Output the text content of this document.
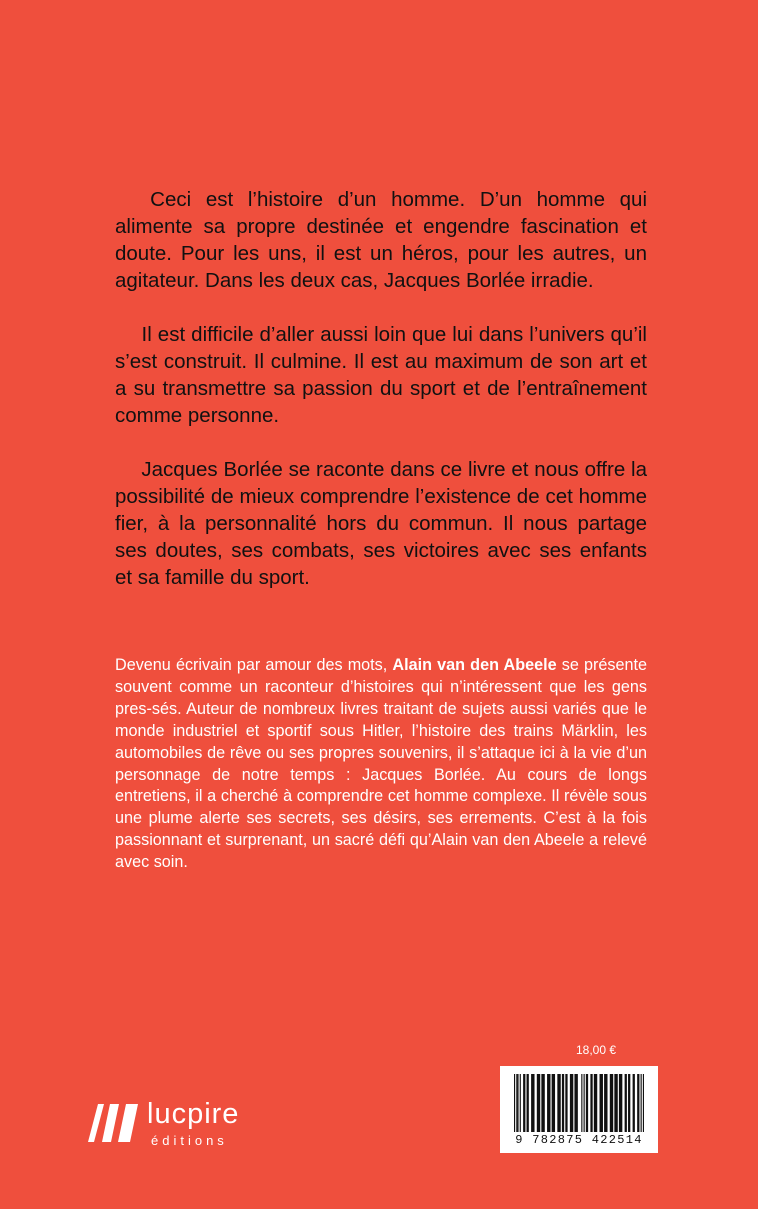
  Ceci est l’histoire d’un homme. D’un homme qui alimente sa propre destinée et engendre fascination et doute. Pour les uns, il est un héros, pour les autres, un agitateur. Dans les deux cas, Jacques Borlée irradie.

  Il est difficile d’aller aussi loin que lui dans l’univers qu’il s’est construit. Il culmine. Il est au maximum de son art et a su transmettre sa passion du sport et de l’entraînement comme personne.

  Jacques Borlée se raconte dans ce livre et nous offre la possibilité de mieux comprendre l’existence de cet homme fier, à la personnalité hors du commun. Il nous partage ses doutes, ses combats, ses victoires avec ses enfants et sa famille du sport.

Devenu écrivain par amour des mots, Alain van den Abeele se présente souvent comme un raconteur d’histoires qui n’intéressent que les gens pres-sés. Auteur de nombreux livres traitant de sujets aussi variés que le monde industriel et sportif sous Hitler, l’histoire des trains Märklin, les automobiles de rêve ou ses propres souvenirs, il s’attaque ici à la vie d’un personnage de notre temps : Jacques Borlée. Au cours de longs entretiens, il a cherché à comprendre cet homme complexe. Il révèle sous une plume alerte ses secrets, ses désirs, ses errements. C’est à la fois passionnant et surprenant, un sacré défi qu’Alain van den Abeele a relevé avec soin.
18,00 €
9 782875 422514
lucpire
éditions
